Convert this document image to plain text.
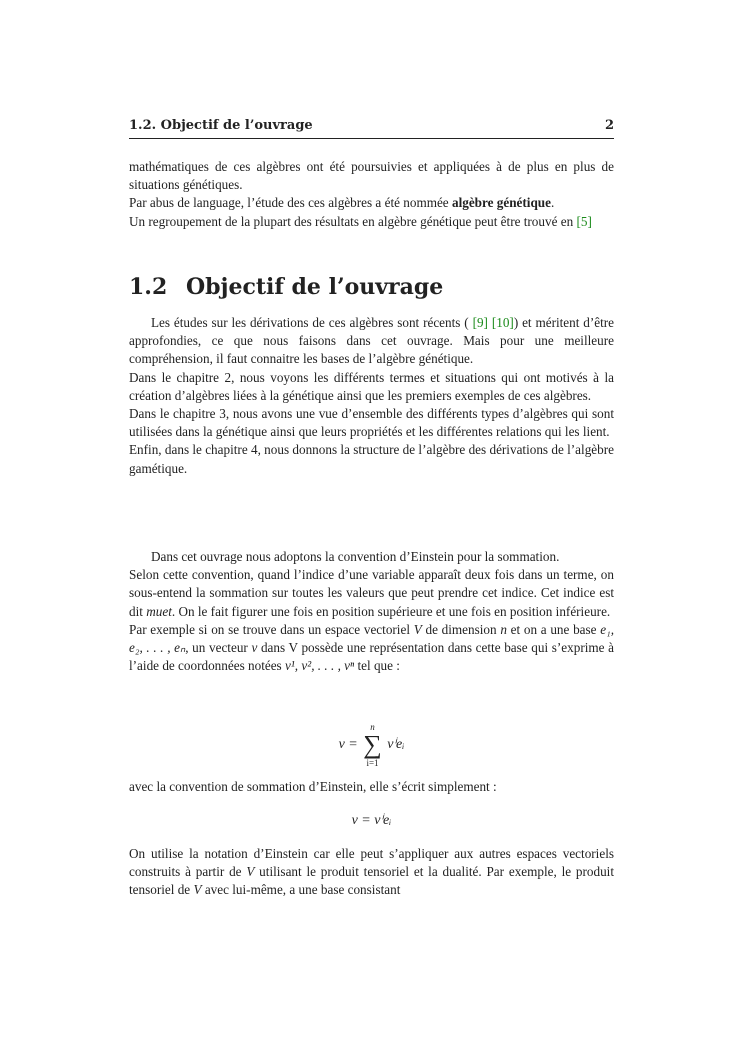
1.2. Objectif de l’ouvrage	2

mathématiques de ces algèbres ont été poursuivies et appliquées à de plus en plus de situations génétiques.

Par abus de language, l’étude des ces algèbres a été nommée algèbre génétique.

Un regroupement de la plupart des résultats en algèbre génétique peut être trouvé en [5]

1.2 Objectif de l’ouvrage

Les études sur les dérivations de ces algèbres sont récents ( [9] [10]) et méritent d’être approfondies, ce que nous faisons dans cet ouvrage. Mais pour une meilleure compréhension, il faut connaitre les bases de l’algèbre génétique.

Dans le chapitre 2, nous voyons les différents termes et situations qui ont motivés à la création d’algèbres liées à la génétique ainsi que les premiers exemples de ces algèbres.

Dans le chapitre 3, nous avons une vue d’ensemble des différents types d’algèbres qui sont utilisées dans la génétique ainsi que leurs propriétés et les différentes relations qui les lient.

Enfin, dans le chapitre 4, nous donnons la structure de l’algèbre des dérivations de l’algèbre gamétique.

Dans cet ouvrage nous adoptons la convention d’Einstein pour la sommation.

Selon cette convention, quand l’indice d’une variable apparaît deux fois dans un terme, on sous-entend la sommation sur toutes les valeurs que peut prendre cet indice. Cet indice est dit muet. On le fait figurer une fois en position supérieure et une fois en position inférieure.

Par exemple si on se trouve dans un espace vectoriel V de dimension n et on a une base e₁, e₂, . . . , eₙ, un vecteur v dans V possède une représentation dans cette base qui s’exprime à l’aide de coordonnées notées v¹, v², . . . , vⁿ tel que :

v =
n
∑
i=1
vⁱeᵢ
avec la convention de sommation d’Einstein, elle s’écrit simplement :
v = vⁱeᵢ

On utilise la notation d’Einstein car elle peut s’appliquer aux autres espaces vectoriels construits à partir de V utilisant le produit tensoriel et la dualité. Par exemple, le produit tensoriel de V avec lui-même, a une base consistant
